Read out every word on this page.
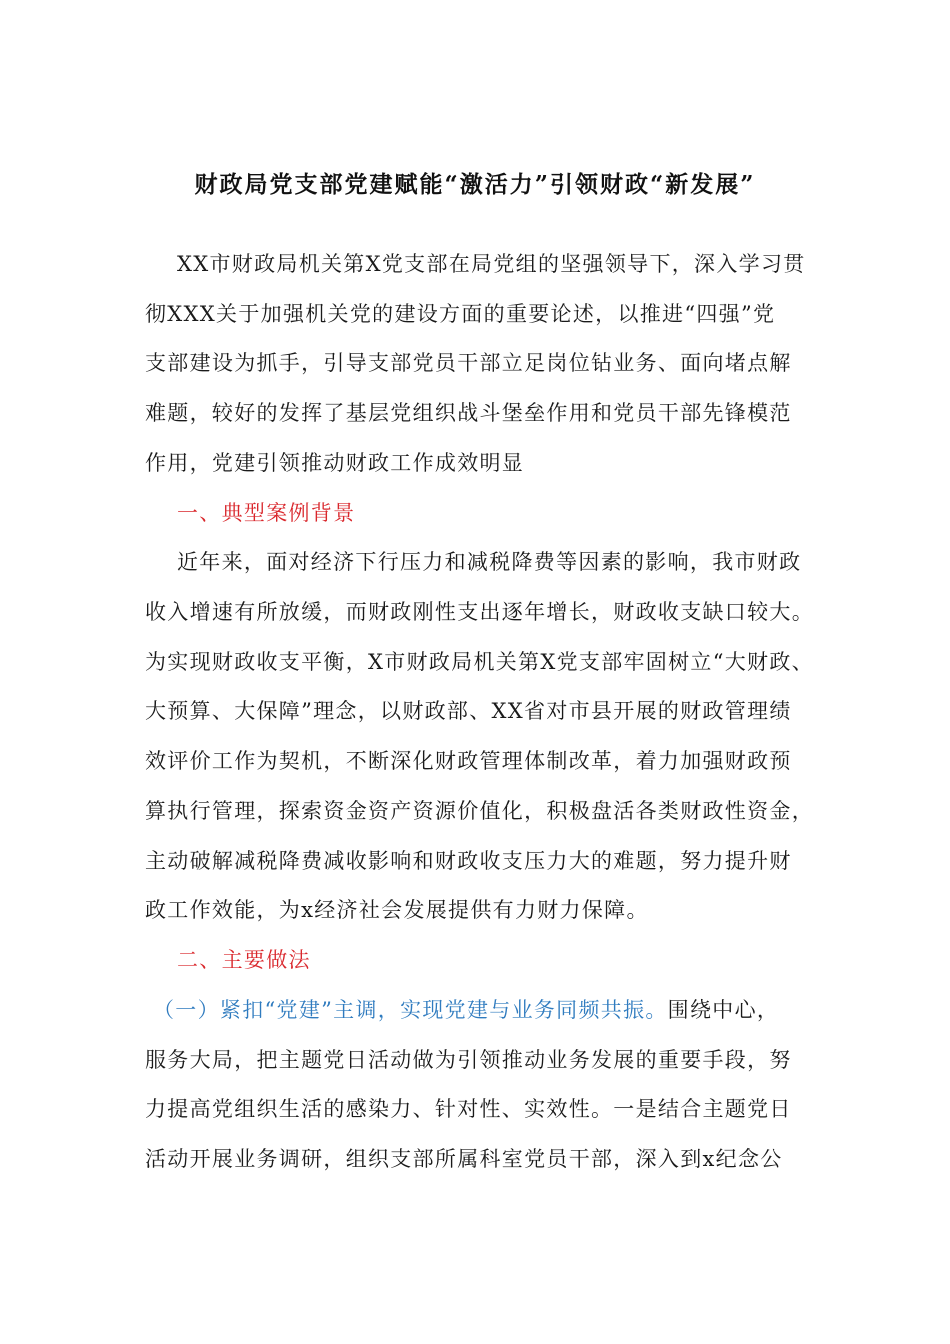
财政局党支部党建赋能“激活力”引领财政“新发展”
XX市财政局机关第X党支部在局党组的坚强领导下，深入学习贯
彻XXX关于加强机关党的建设方面的重要论述，以推进“四强”党
支部建设为抓手，引导支部党员干部立足岗位钻业务、面向堵点解
难题，较好的发挥了基层党组织战斗堡垒作用和党员干部先锋模范
作用，党建引领推动财政工作成效明显
一、典型案例背景
近年来，面对经济下行压力和减税降费等因素的影响，我市财政
收入增速有所放缓，而财政刚性支出逐年增长，财政收支缺口较大。
为实现财政收支平衡，X市财政局机关第X党支部牢固树立“大财政、
大预算、大保障”理念，以财政部、XX省对市县开展的财政管理绩
效评价工作为契机，不断深化财政管理体制改革，着力加强财政预
算执行管理，探索资金资产资源价值化，积极盘活各类财政性资金，
主动破解减税降费减收影响和财政收支压力大的难题，努力提升财
政工作效能，为x经济社会发展提供有力财力保障。
二、主要做法
（一）紧扣“党建”主调，实现党建与业务同频共振。围绕中心，
服务大局，把主题党日活动做为引领推动业务发展的重要手段，努
力提高党组织生活的感染力、针对性、实效性。一是结合主题党日
活动开展业务调研，组织支部所属科室党员干部，深入到x纪念公
